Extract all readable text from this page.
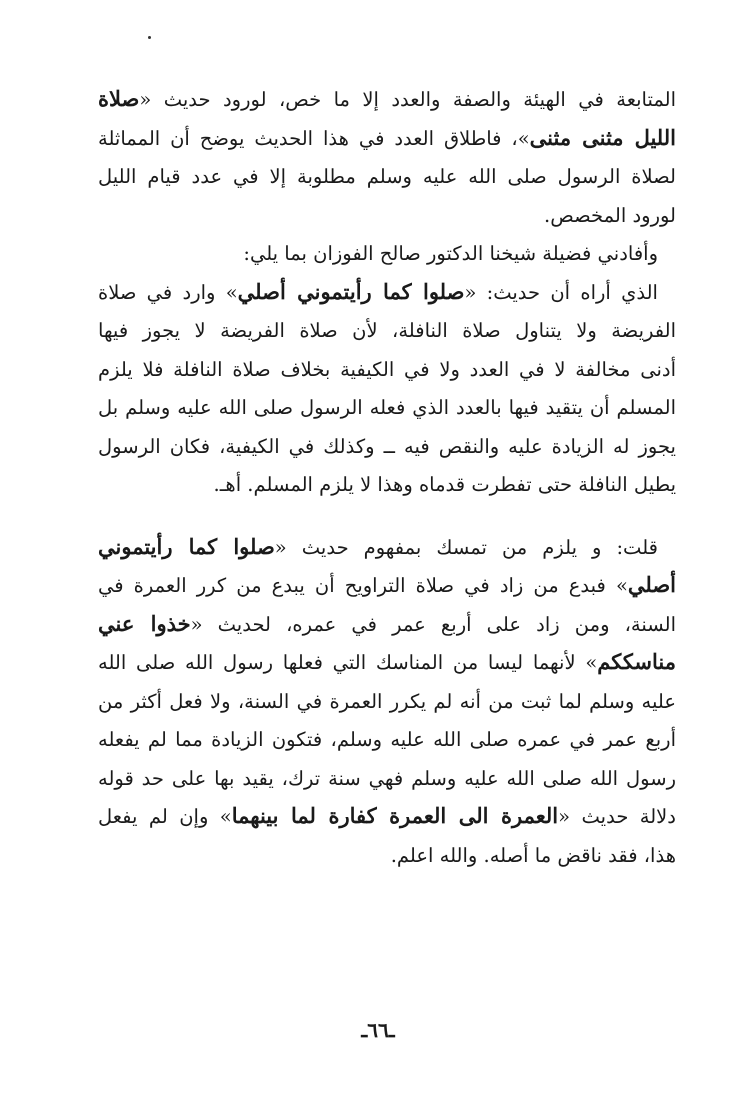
المتابعة في الهيئة والصفة والعدد إلا ما خص، لورود حديث «صلاة
الليل مثنى مثنى»، فاطلاق العدد في هذا الحديث يوضح أن المماثلة
لصلاة الرسول صلى الله عليه وسلم مطلوبة إلا في عدد قيام الليل
لورود المخصص.
وأفادني فضيلة شيخنا الدكتور صالح الفوزان بما يلي:
الذي أراه أن حديث: «صلوا كما رأيتموني أصلي» وارد في صلاة
الفريضة ولا يتناول صلاة النافلة، لأن صلاة الفريضة لا يجوز فيها
أدنى مخالفة لا في العدد ولا في الكيفية بخلاف صلاة النافلة فلا يلزم
المسلم أن يتقيد فيها بالعدد الذي فعله الرسول صلى الله عليه وسلم بل
يجوز له الزيادة عليه والنقص فيه ــ وكذلك في الكيفية، فكان الرسول
يطيل النافلة حتى تفطرت قدماه وهذا لا يلزم المسلم. أهـ.
قلت: و يلزم من تمسك بمفهوم حديث «صلوا كما رأيتموني
أصلي» فبدع من زاد في صلاة التراويح أن يبدع من كرر العمرة في
السنة، ومن زاد على أربع عمر في عمره، لحديث «خذوا عني
مناسككم» لأنهما ليسا من المناسك التي فعلها رسول الله صلى الله
عليه وسلم لما ثبت من أنه لم يكرر العمرة في السنة، ولا فعل أكثر من
أربع عمر في عمره صلى الله عليه وسلم، فتكون الزيادة مما لم يفعله
رسول الله صلى الله عليه وسلم فهي سنة ترك، يقيد بها على حد قوله
دلالة حديث «العمرة الى العمرة كفارة لما بينهما» وإن لم يفعل
هذا، فقد ناقض ما أصله. والله اعلم.
ـ٦٦ـ
